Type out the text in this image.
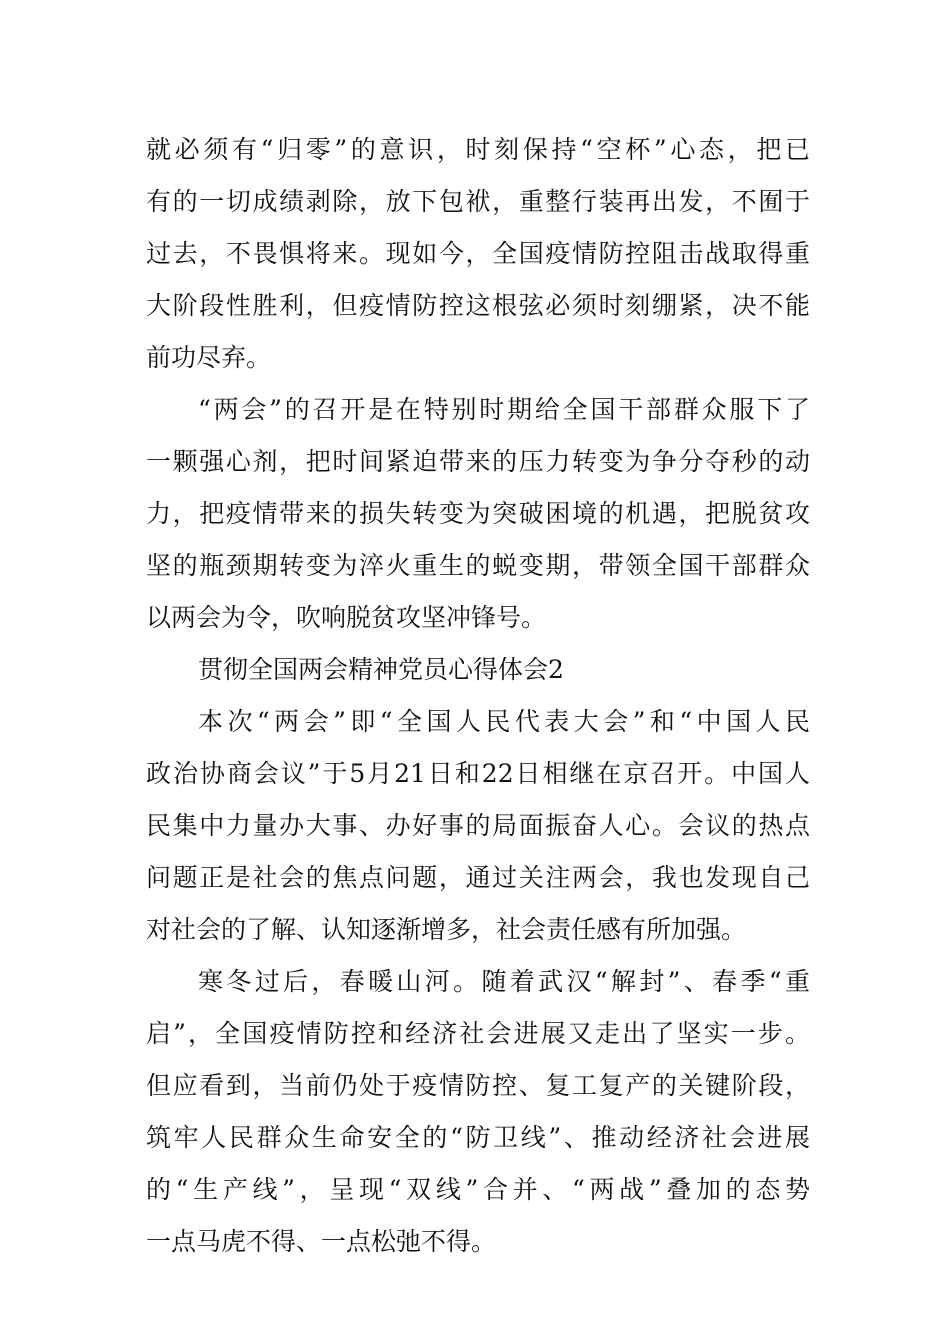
就必须有“归零”的意识，时刻保持“空杯”心态，把已
有的一切成绩剥除，放下包袱，重整行装再出发，不囿于
过去，不畏惧将来。现如今，全国疫情防控阻击战取得重
大阶段性胜利，但疫情防控这根弦必须时刻绷紧，决不能
前功尽弃。
“两会”的召开是在特别时期给全国干部群众服下了
一颗强心剂，把时间紧迫带来的压力转变为争分夺秒的动
力，把疫情带来的损失转变为突破困境的机遇，把脱贫攻
坚的瓶颈期转变为淬火重生的蜕变期，带领全国干部群众
以两会为令，吹响脱贫攻坚冲锋号。
贯彻全国两会精神党员心得体会2
本次“两会”即“全国人民代表大会”和“中国人民
政治协商会议”于5月21日和22日相继在京召开。中国人
民集中力量办大事、办好事的局面振奋人心。会议的热点
问题正是社会的焦点问题，通过关注两会，我也发现自己
对社会的了解、认知逐渐增多，社会责任感有所加强。
寒冬过后，春暖山河。随着武汉“解封”、春季“重
启”，全国疫情防控和经济社会进展又走出了坚实一步。
但应看到，当前仍处于疫情防控、复工复产的关键阶段，
筑牢人民群众生命安全的“防卫线”、推动经济社会进展
的“生产线”，呈现“双线”合并、“两战”叠加的态势
一点马虎不得、一点松弛不得。
